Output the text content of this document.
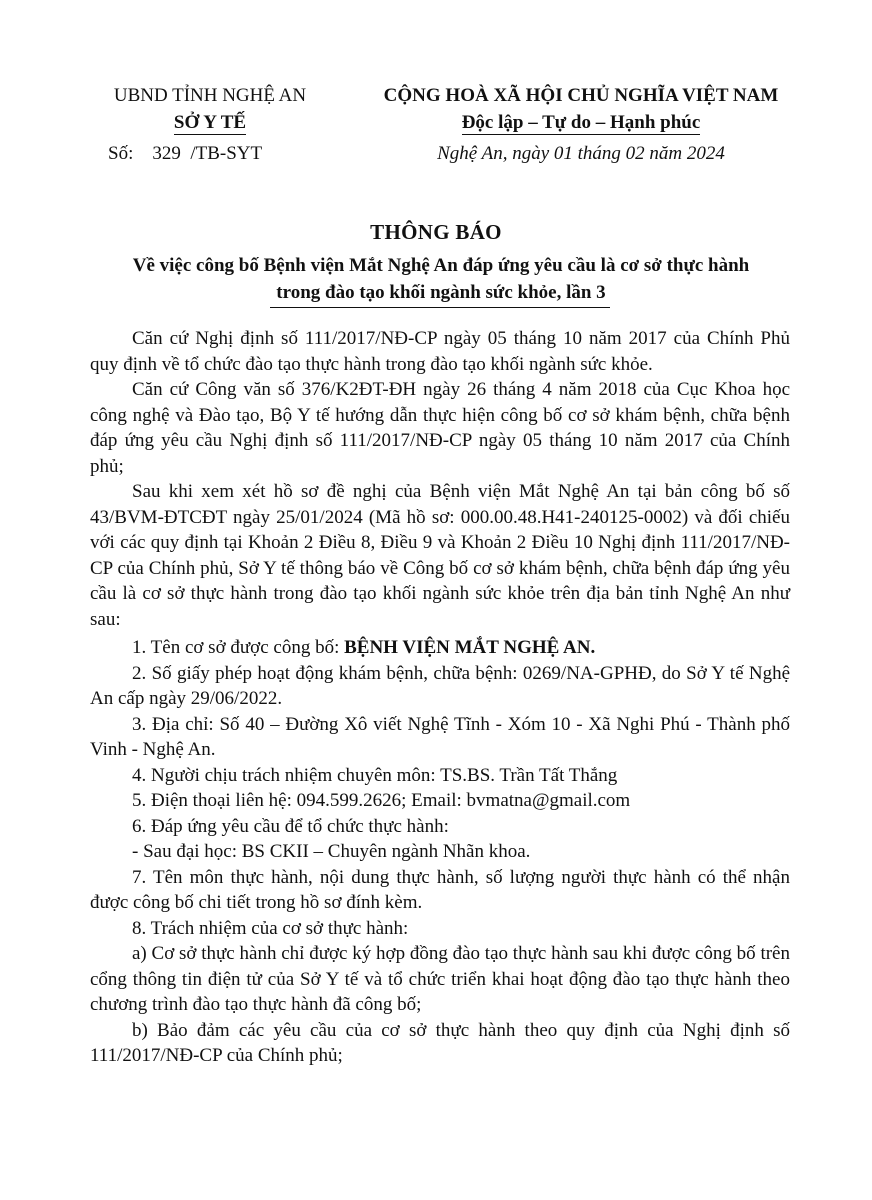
UBND TỈNH NGHỆ AN
SỞ Y TẾ
CỘNG HOÀ XÃ HỘI CHỦ NGHĨA VIỆT NAM
Độc lập – Tự do – Hạnh phúc
Số:    329  /TB-SYT	Nghệ An, ngày 01 tháng 02 năm 2024
THÔNG BÁO
Về việc công bố Bệnh viện Mắt Nghệ An đáp ứng yêu cầu là cơ sở thực hành
trong đào tạo khối ngành sức khỏe, lần 3

Căn cứ Nghị định số 111/2017/NĐ-CP ngày 05 tháng 10 năm 2017 của Chính Phủ quy định về tổ chức đào tạo thực hành trong đào tạo khối ngành sức khỏe.

Căn cứ Công văn số 376/K2ĐT-ĐH ngày 26 tháng 4 năm 2018 của Cục Khoa học công nghệ và Đào tạo, Bộ Y tế hướng dẫn thực hiện công bố cơ sở khám bệnh, chữa bệnh đáp ứng yêu cầu Nghị định số 111/2017/NĐ-CP ngày 05 tháng 10 năm 2017 của Chính phủ;

Sau khi xem xét hồ sơ đề nghị của Bệnh viện Mắt Nghệ An tại bản công bố số 43/BVM-ĐTCĐT ngày 25/01/2024 (Mã hồ sơ: 000.00.48.H41-240125-0002) và đối chiếu với các quy định tại Khoản 2 Điều 8, Điều 9 và Khoản 2 Điều 10 Nghị định 111/2017/NĐ-CP của Chính phủ, Sở Y tế thông báo về Công bố cơ sở khám bệnh, chữa bệnh đáp ứng yêu cầu là cơ sở thực hành trong đào tạo khối ngành sức khỏe trên địa bản tỉnh Nghệ An như sau:

1. Tên cơ sở được công bố: BỆNH VIỆN MẮT NGHỆ AN.

2. Số giấy phép hoạt động khám bệnh, chữa bệnh: 0269/NA-GPHĐ, do Sở Y tế Nghệ An cấp ngày 29/06/2022.

3. Địa chỉ: Số 40 – Đường Xô viết Nghệ Tĩnh - Xóm 10 - Xã Nghi Phú - Thành phố Vinh - Nghệ An.

4. Người chịu trách nhiệm chuyên môn: TS.BS. Trần Tất Thắng

5. Điện thoại liên hệ: 094.599.2626; Email: bvmatna@gmail.com

6. Đáp ứng yêu cầu để tổ chức thực hành:

- Sau đại học: BS CKII – Chuyên ngành Nhãn khoa.

7. Tên môn thực hành, nội dung thực hành, số lượng người thực hành có thể nhận được công bố chi tiết trong hồ sơ đính kèm.

8. Trách nhiệm của cơ sở thực hành:

a) Cơ sở thực hành chỉ được ký hợp đồng đào tạo thực hành sau khi được công bố trên cổng thông tin điện tử của Sở Y tế và tổ chức triển khai hoạt động đào tạo thực hành theo chương trình đào tạo thực hành đã công bố;

b) Bảo đảm các yêu cầu của cơ sở thực hành theo quy định của Nghị định số 111/2017/NĐ-CP của Chính phủ;
